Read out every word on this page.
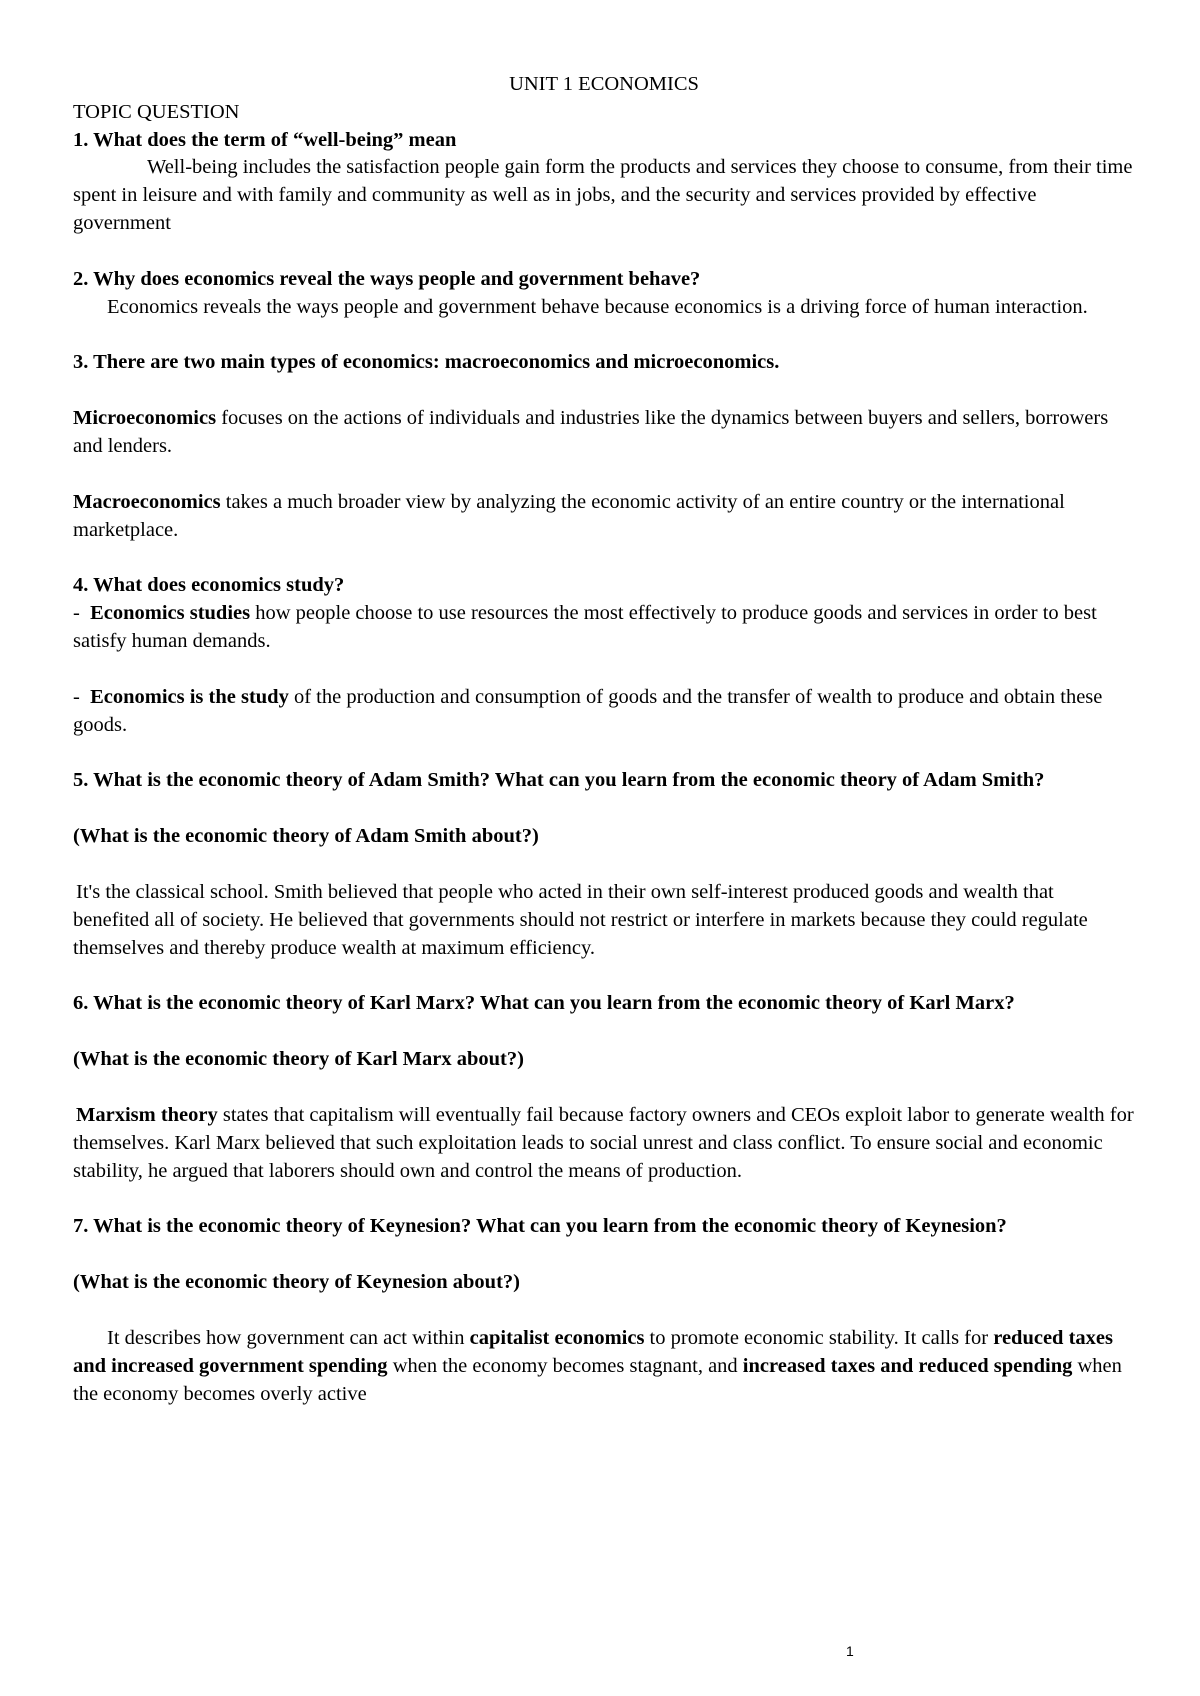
UNIT 1 ECONOMICS

TOPIC QUESTION

1. What does the term of “well-being” mean

Well-being includes the satisfaction people gain form the products and services they choose to consume, from their time spent in leisure and with family and community as well as in jobs, and the security and services provided by effective government

2. Why does economics reveal the ways people and government behave?

Economics reveals the ways people and government behave because economics is a driving force of human interaction.

3. There are two main types of economics: macroeconomics and microeconomics.

Microeconomics focuses on the actions of individuals and industries like the dynamics between buyers and sellers, borrowers and lenders.

Macroeconomics takes a much broader view by analyzing the economic activity of an entire country or the international marketplace.

4. What does economics study?

-  Economics studies how people choose to use resources the most effectively to produce goods and services in order to best satisfy human demands.

-  Economics is the study of the production and consumption of goods and the transfer of wealth to produce and obtain these goods.

5. What is the economic theory of Adam Smith? What can you learn from the economic theory of Adam Smith?

(What is the economic theory of Adam Smith about?)

It's the classical school. Smith believed that people who acted in their own self-interest produced goods and wealth that benefited all of society. He believed that governments should not restrict or interfere in markets because they could regulate themselves and thereby produce wealth at maximum efficiency.

6. What is the economic theory of Karl Marx? What can you learn from the economic theory of Karl Marx?

(What is the economic theory of Karl Marx about?)

Marxism theory states that capitalism will eventually fail because factory owners and CEOs exploit labor to generate wealth for themselves. Karl Marx believed that such exploitation leads to social unrest and class conflict. To ensure social and economic stability, he argued that laborers should own and control the means of production.

7. What is the economic theory of Keynesion? What can you learn from the economic theory of Keynesion?

(What is the economic theory of Keynesion about?)

It describes how government can act within capitalist economics to promote economic stability. It calls for reduced taxes and increased government spending when the economy becomes stagnant, and increased taxes and reduced spending when the economy becomes overly active

1
